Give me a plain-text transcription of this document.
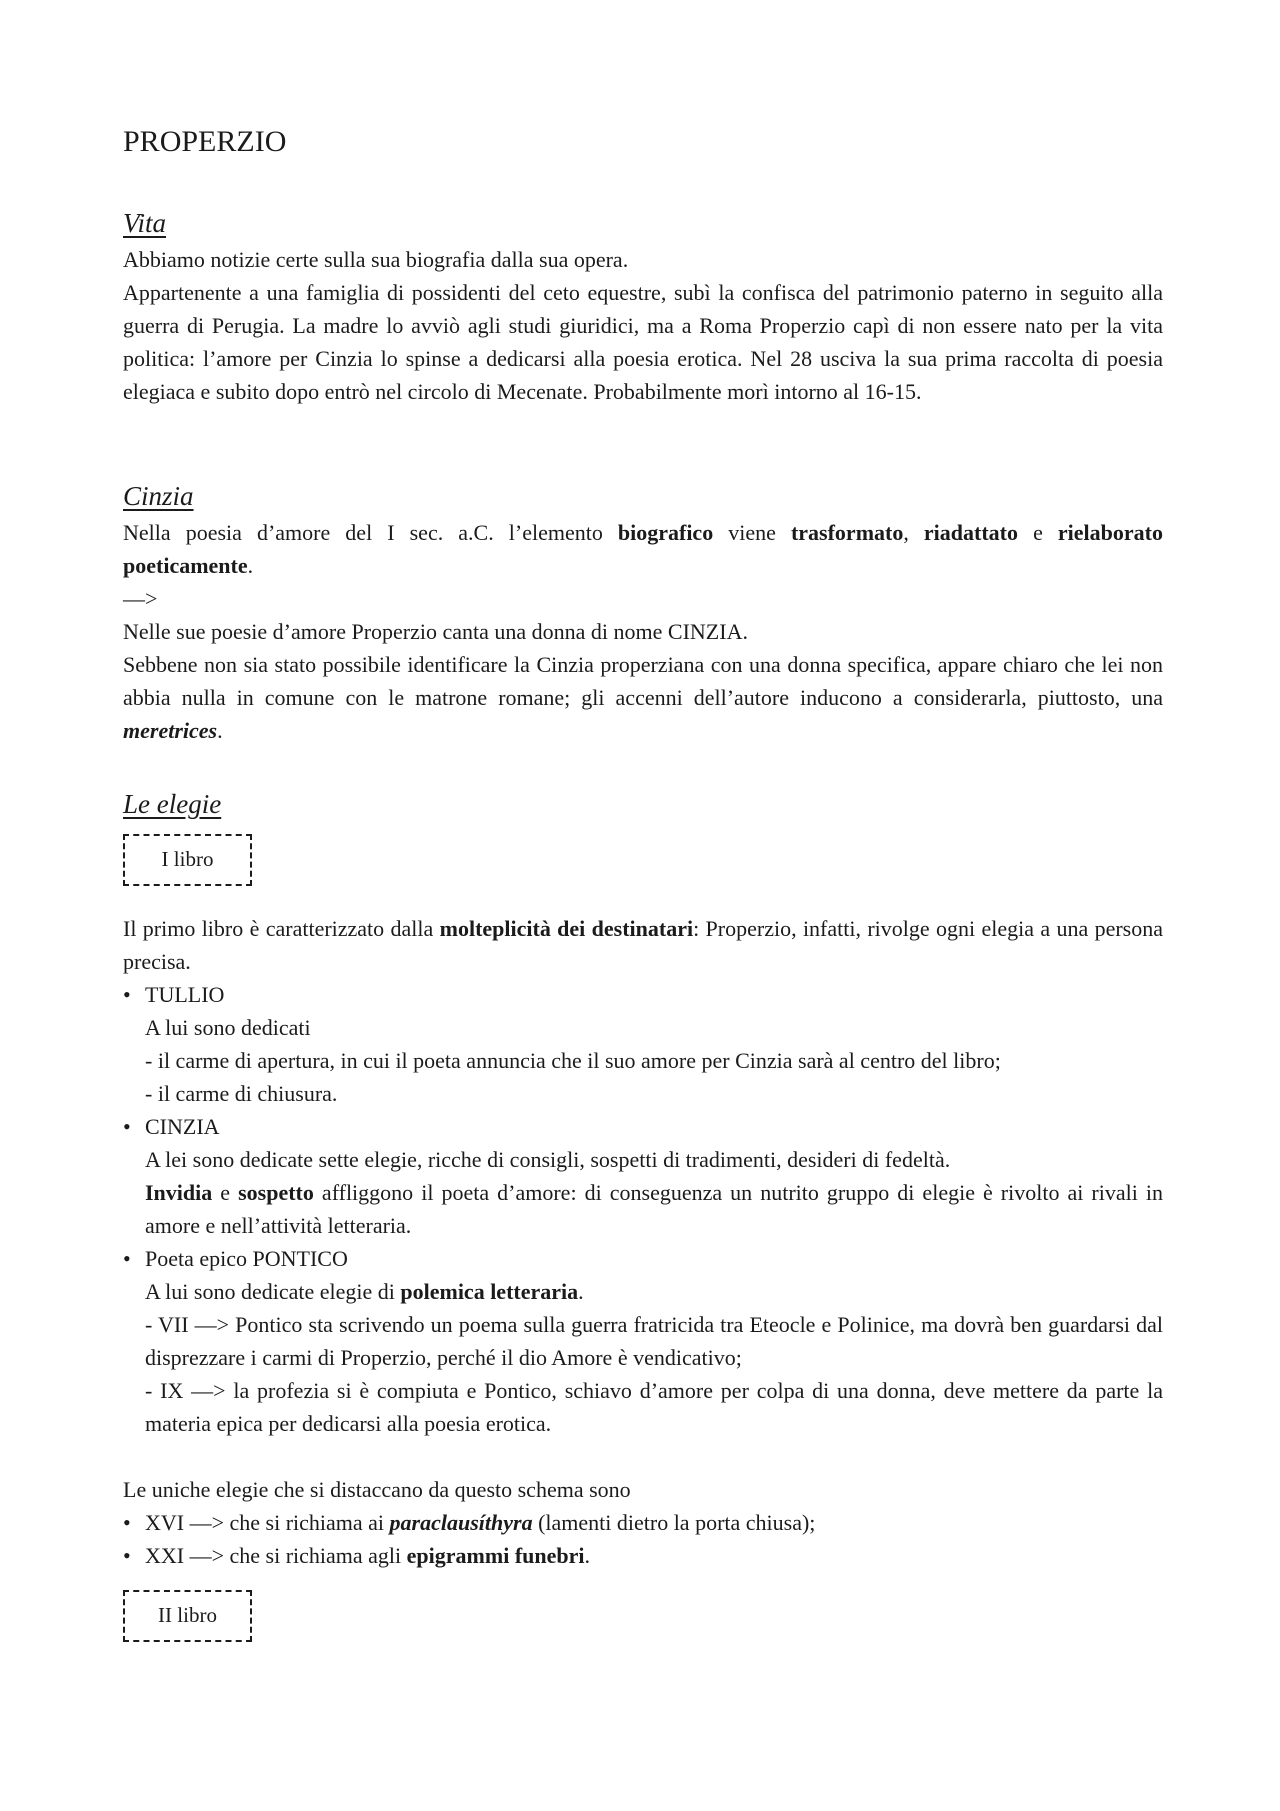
PROPERZIO
Vita

Abbiamo notizie certe sulla sua biografia dalla sua opera.

Appartenente a una famiglia di possidenti del ceto equestre, subì la confisca del patrimonio paterno in seguito alla guerra di Perugia. La madre lo avviò agli studi giuridici, ma a Roma Properzio capì di non essere nato per la vita politica: l’amore per Cinzia lo spinse a dedicarsi alla poesia erotica. Nel 28 usciva la sua prima raccolta di poesia elegiaca e subito dopo entrò nel circolo di Mecenate. Probabilmente morì intorno al 16-15.

Cinzia

Nella poesia d’amore del I sec. a.C. l’elemento biografico viene trasformato, riadattato e rielaborato poeticamente.

—>

Nelle sue poesie d’amore Properzio canta una donna di nome CINZIA.

Sebbene non sia stato possibile identificare la Cinzia properziana con una donna specifica, appare chiaro che lei non abbia nulla in comune con le matrone romane; gli accenni dell’autore inducono a considerarla, piuttosto, una meretrices.

Le elegie
I libro

Il primo libro è caratterizzato dalla molteplicità dei destinatari: Properzio, infatti, rivolge ogni elegia a una persona precisa.

• TULLIO

A lui sono dedicati

- il carme di apertura, in cui il poeta annuncia che il suo amore per Cinzia sarà al centro del libro;

- il carme di chiusura.

• CINZIA

A lei sono dedicate sette elegie, ricche di consigli, sospetti di tradimenti, desideri di fedeltà.

Invidia e sospetto affliggono il poeta d’amore: di conseguenza un nutrito gruppo di elegie è rivolto ai rivali in amore e nell’attività letteraria.

• Poeta epico PONTICO

A lui sono dedicate elegie di polemica letteraria.

- VII —> Pontico sta scrivendo un poema sulla guerra fratricida tra Eteocle e Polinice, ma dovrà ben guardarsi dal disprezzare i carmi di Properzio, perché il dio Amore è vendicativo;

- IX —> la profezia si è compiuta e Pontico, schiavo d’amore per colpa di una donna, deve mettere da parte la materia epica per dedicarsi alla poesia erotica.

Le uniche elegie che si distaccano da questo schema sono

• XVI —> che si richiama ai paraclausíthyra (lamenti dietro la porta chiusa);
• XXI —> che si richiama agli epigrammi funebri.
II libro
